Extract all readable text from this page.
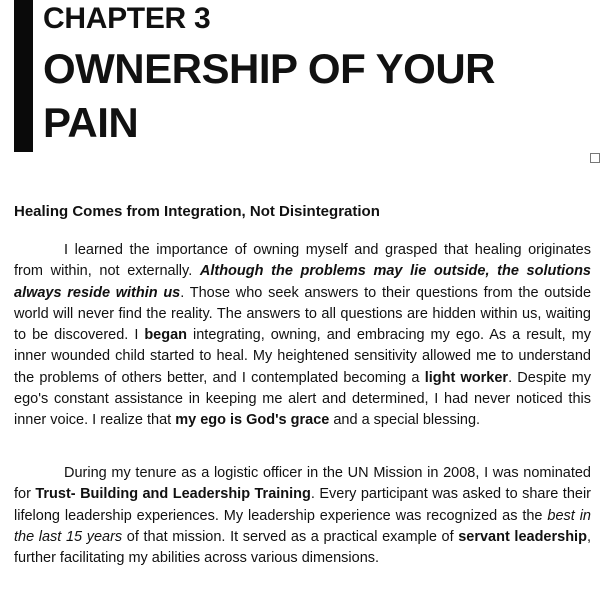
CHAPTER 3
OWNERSHIP OF YOUR
PAIN
Healing Comes from Integration, Not Disintegration

I learned the importance of owning myself and grasped that healing originates from within, not externally. Although the problems may lie outside, the solutions always reside within us. Those who seek answers to their questions from the outside world will never find the reality. The answers to all questions are hidden within us, waiting to be discovered. I began integrating, owning, and embracing my ego. As a result, my inner wounded child started to heal. My heightened sensitivity allowed me to understand the problems of others better, and I contemplated becoming a light worker. Despite my ego's constant assistance in keeping me alert and determined, I had never noticed this inner voice. I realize that my ego is God's grace and a special blessing.

During my tenure as a logistic officer in the UN Mission in 2008, I was nominated for Trust- Building and Leadership Training. Every participant was asked to share their lifelong leadership experiences. My leadership experience was recognized as the best in the last 15 years of that mission. It served as a practical example of servant leadership, further facilitating my abilities across various dimensions.
